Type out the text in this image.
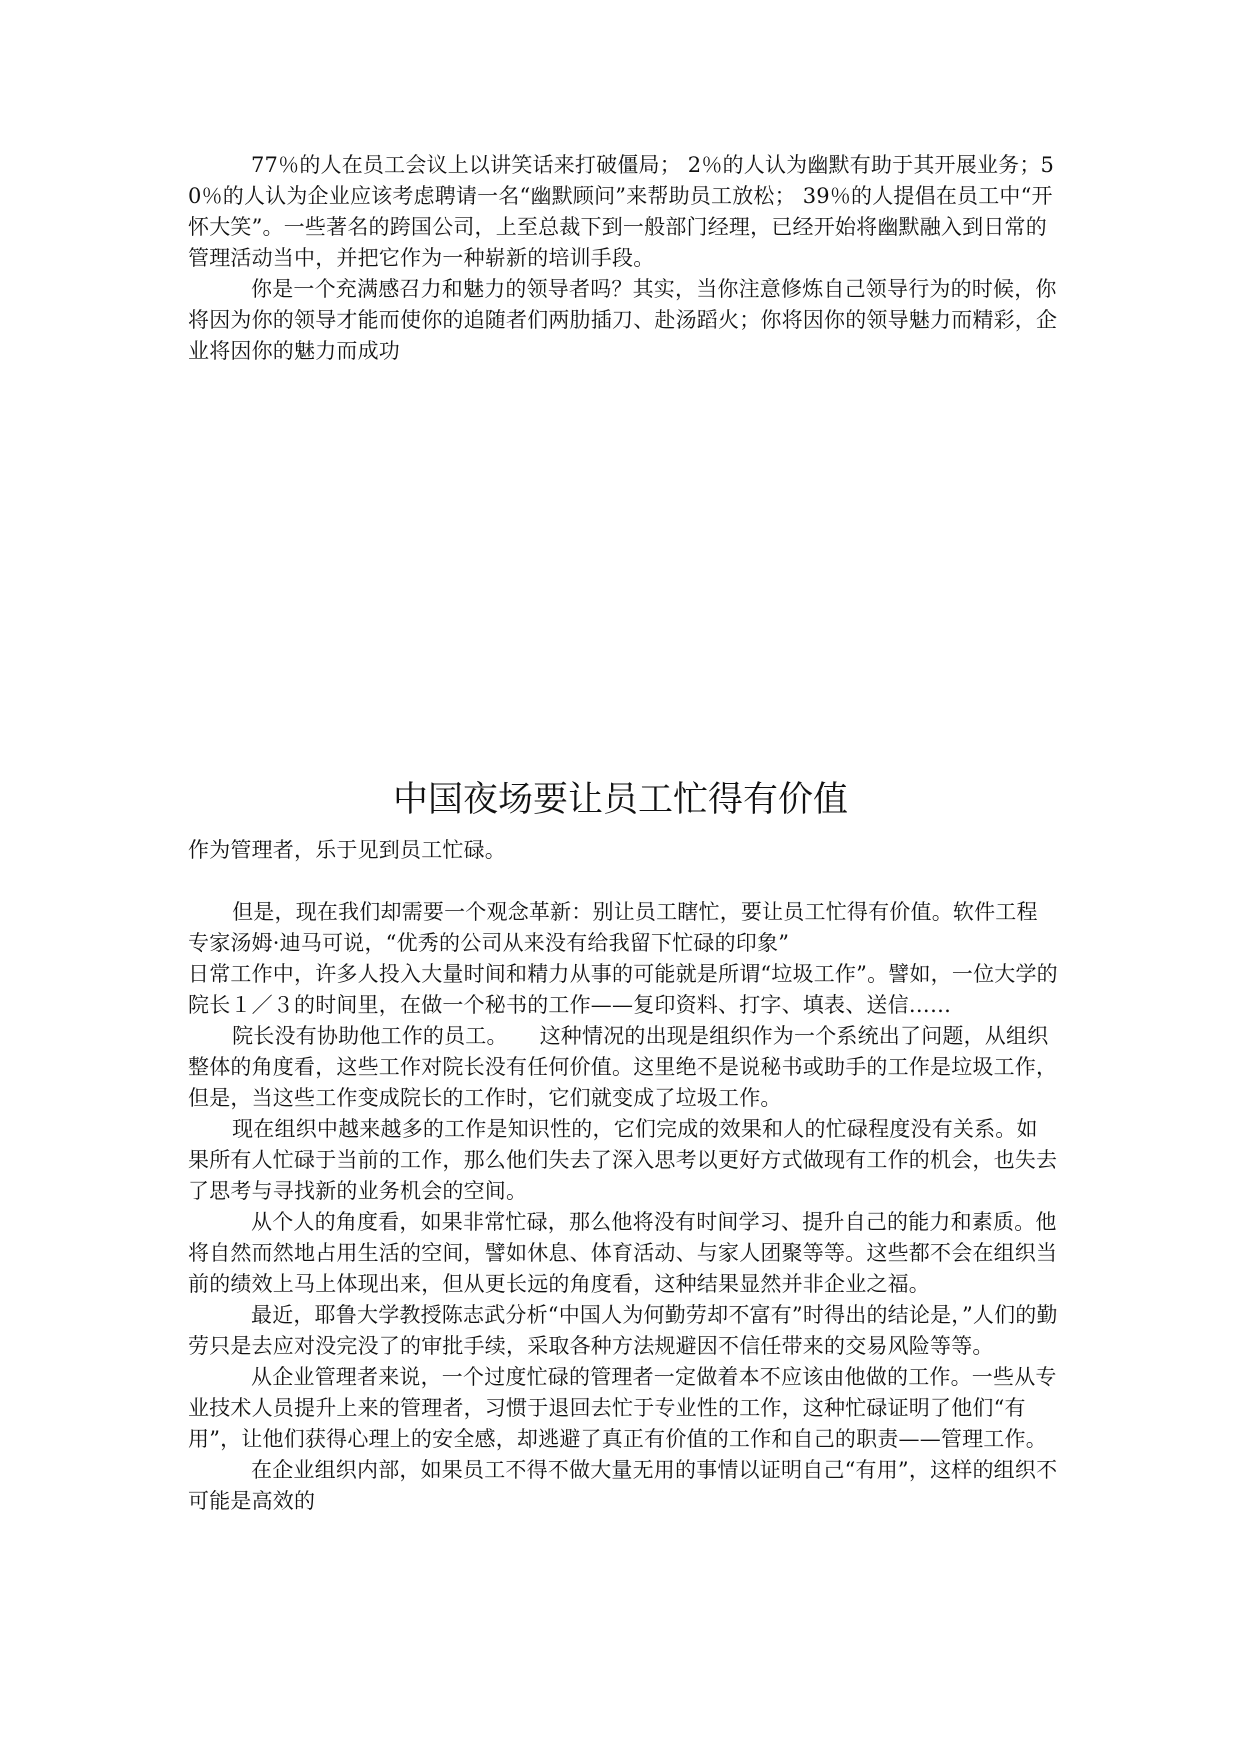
77％的人在员工会议上以讲笑话来打破僵局； 2％的人认为幽默有助于其开展业务；50％的人认为企业应该考虑聘请一名“幽默顾问”来帮助员工放松； 39％的人提倡在员工中“开怀大笑”。一些著名的跨国公司，上至总裁下到一般部门经理，已经开始将幽默融入到日常的管理活动当中，并把它作为一种崭新的培训手段。

你是一个充满感召力和魅力的领导者吗？其实，当你注意修炼自己领导行为的时候，你将因为你的领导才能而使你的追随者们两肋插刀、赴汤蹈火；你将因你的领导魅力而精彩，企业将因你的魅力而成功

中国夜场要让员工忙得有价值

作为管理者，乐于见到员工忙碌。

但是，现在我们却需要一个观念革新：别让员工瞎忙，要让员工忙得有价值。软件工程专家汤姆·迪马可说，“优秀的公司从来没有给我留下忙碌的印象”

日常工作中，许多人投入大量时间和精力从事的可能就是所谓“垃圾工作”。譬如，一位大学的院长１／３的时间里，在做一个秘书的工作——复印资料、打字、填表、送信……

院长没有协助他工作的员工。　　这种情况的出现是组织作为一个系统出了问题，从组织整体的角度看，这些工作对院长没有任何价值。这里绝不是说秘书或助手的工作是垃圾工作，但是，当这些工作变成院长的工作时，它们就变成了垃圾工作。

现在组织中越来越多的工作是知识性的，它们完成的效果和人的忙碌程度没有关系。如果所有人忙碌于当前的工作，那么他们失去了深入思考以更好方式做现有工作的机会，也失去了思考与寻找新的业务机会的空间。

从个人的角度看，如果非常忙碌，那么他将没有时间学习、提升自己的能力和素质。他将自然而然地占用生活的空间，譬如休息、体育活动、与家人团聚等等。这些都不会在组织当前的绩效上马上体现出来，但从更长远的角度看，这种结果显然并非企业之福。

最近，耶鲁大学教授陈志武分析“中国人为何勤劳却不富有”时得出的结论是，”人们的勤劳只是去应对没完没了的审批手续，采取各种方法规避因不信任带来的交易风险等等。

从企业管理者来说，一个过度忙碌的管理者一定做着本不应该由他做的工作。一些从专业技术人员提升上来的管理者，习惯于退回去忙于专业性的工作，这种忙碌证明了他们“有用”，让他们获得心理上的安全感，却逃避了真正有价值的工作和自己的职责——管理工作。

在企业组织内部，如果员工不得不做大量无用的事情以证明自己“有用”，这样的组织不可能是高效的
